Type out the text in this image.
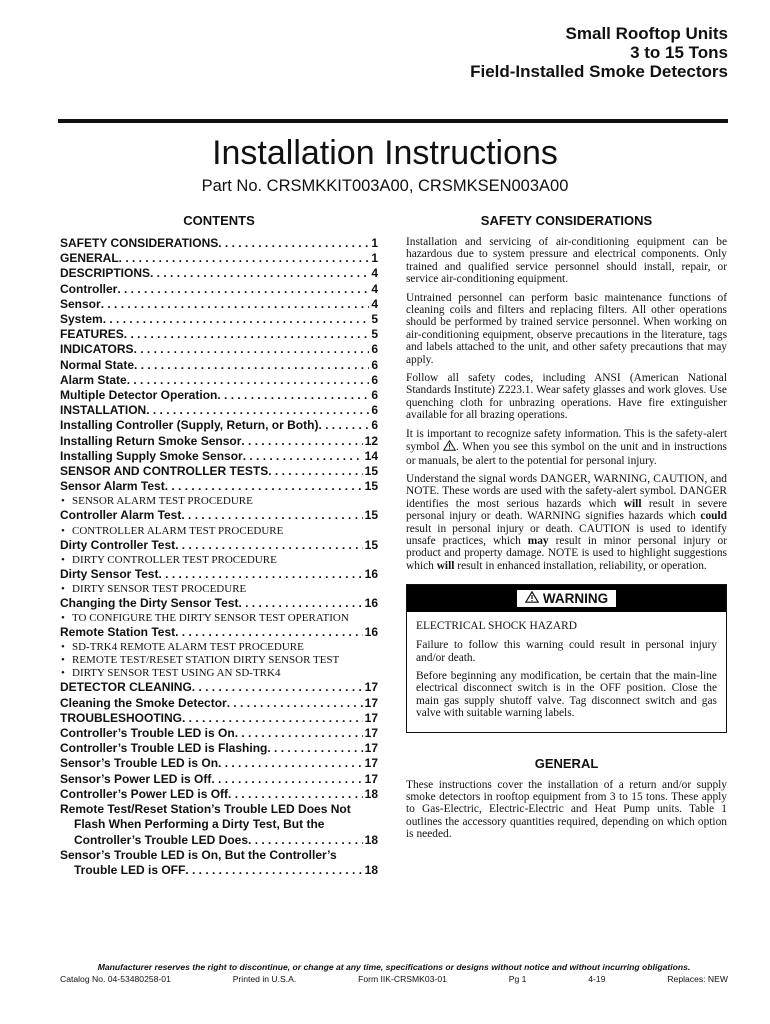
Small Rooftop Units
3 to 15 Tons
Field-Installed Smoke Detectors
Installation Instructions
Part No. CRSMKKIT003A00, CRSMKSEN003A00
CONTENTS
SAFETY CONSIDERATIONS . . .	1
GENERAL . . .	1
DESCRIPTIONS . . .	4
Controller . . .	4
Sensor . . .	4
System . . .	5
FEATURES . . .	5
INDICATORS . . .	6
Normal State . . .	6
Alarm State . . .	6
Multiple Detector Operation . . .	6
INSTALLATION . . .	6
Installing Controller (Supply, Return, or Both) . . .	6
Installing Return Smoke Sensor . . .	12
Installing Supply Smoke Sensor . . .	14
SENSOR AND CONTROLLER TESTS . . .	15
Sensor Alarm Test . . .	15
• SENSOR ALARM TEST PROCEDURE
Controller Alarm Test . . .	15
• CONTROLLER ALARM TEST PROCEDURE
Dirty Controller Test . . .	15
• DIRTY CONTROLLER TEST PROCEDURE
Dirty Sensor Test . . .	16
• DIRTY SENSOR TEST PROCEDURE
Changing the Dirty Sensor Test . . .	16
• TO CONFIGURE THE DIRTY SENSOR TEST OPERATION
Remote Station Test . . .	16
• SD-TRK4 REMOTE ALARM TEST PROCEDURE
• REMOTE TEST/RESET STATION DIRTY SENSOR TEST
• DIRTY SENSOR TEST USING AN SD-TRK4
DETECTOR CLEANING . . .	17
Cleaning the Smoke Detector . . .	17
TROUBLESHOOTING . . .	17
Controller’s Trouble LED is On . . .	17
Controller’s Trouble LED is Flashing . . .	17
Sensor’s Trouble LED is On . . .	17
Sensor’s Power LED is Off . . .	17
Controller’s Power LED is Off . . .	18
Remote Test/Reset Station’s Trouble LED Does Not
Flash When Performing a Dirty Test, But the
Controller’s Trouble LED Does . . .	18
Sensor’s Trouble LED is On, But the Controller’s
Trouble LED is OFF . . .	18
SAFETY CONSIDERATIONS

Installation and servicing of air-conditioning equipment can be hazardous due to system pressure and electrical components. Only trained and qualified service personnel should install, repair, or service air-conditioning equipment.

Untrained personnel can perform basic maintenance functions of cleaning coils and filters and replacing filters. All other operations should be performed by trained service personnel. When working on air-conditioning equipment, observe precautions in the literature, tags and labels attached to the unit, and other safety precautions that may apply.

Follow all safety codes, including ANSI (American National Standards Institute) Z223.1. Wear safety glasses and work gloves. Use quenching cloth for unbrazing operations. Have fire extinguisher available for all brazing operations.

It is important to recognize safety information. This is the safety-alert symbol . When you see this symbol on the unit and in instructions or manuals, be alert to the potential for personal injury.

Understand the signal words DANGER, WARNING, CAUTION, and NOTE. These words are used with the safety-alert symbol. DANGER identifies the most serious hazards which will result in severe personal injury or death. WARNING signifies hazards which could result in personal injury or death. CAUTION is used to identify unsafe practices, which may result in minor personal injury or product and property damage. NOTE is used to highlight suggestions which will result in enhanced installation, reliability, or operation.

WARNING
ELECTRICAL SHOCK HAZARD

Failure to follow this warning could result in personal injury and/or death.

Before beginning any modification, be certain that the main-line electrical disconnect switch is in the OFF position. Close the main gas supply shutoff valve. Tag disconnect switch and gas valve with suitable warning labels.

GENERAL

These instructions cover the installation of a return and/or supply smoke detectors in rooftop equipment from 3 to 15 tons. These apply to Gas-Electric, Electric-Electric and Heat Pump units. Table 1 outlines the accessory quantities required, depending on which option is needed.

Manufacturer reserves the right to discontinue, or change at any time, specifications or designs without notice and without incurring obligations.
Catalog No. 04-53480258-01	Printed in U.S.A.	Form IIK-CRSMK03-01	Pg 1	4-19	Replaces: NEW
